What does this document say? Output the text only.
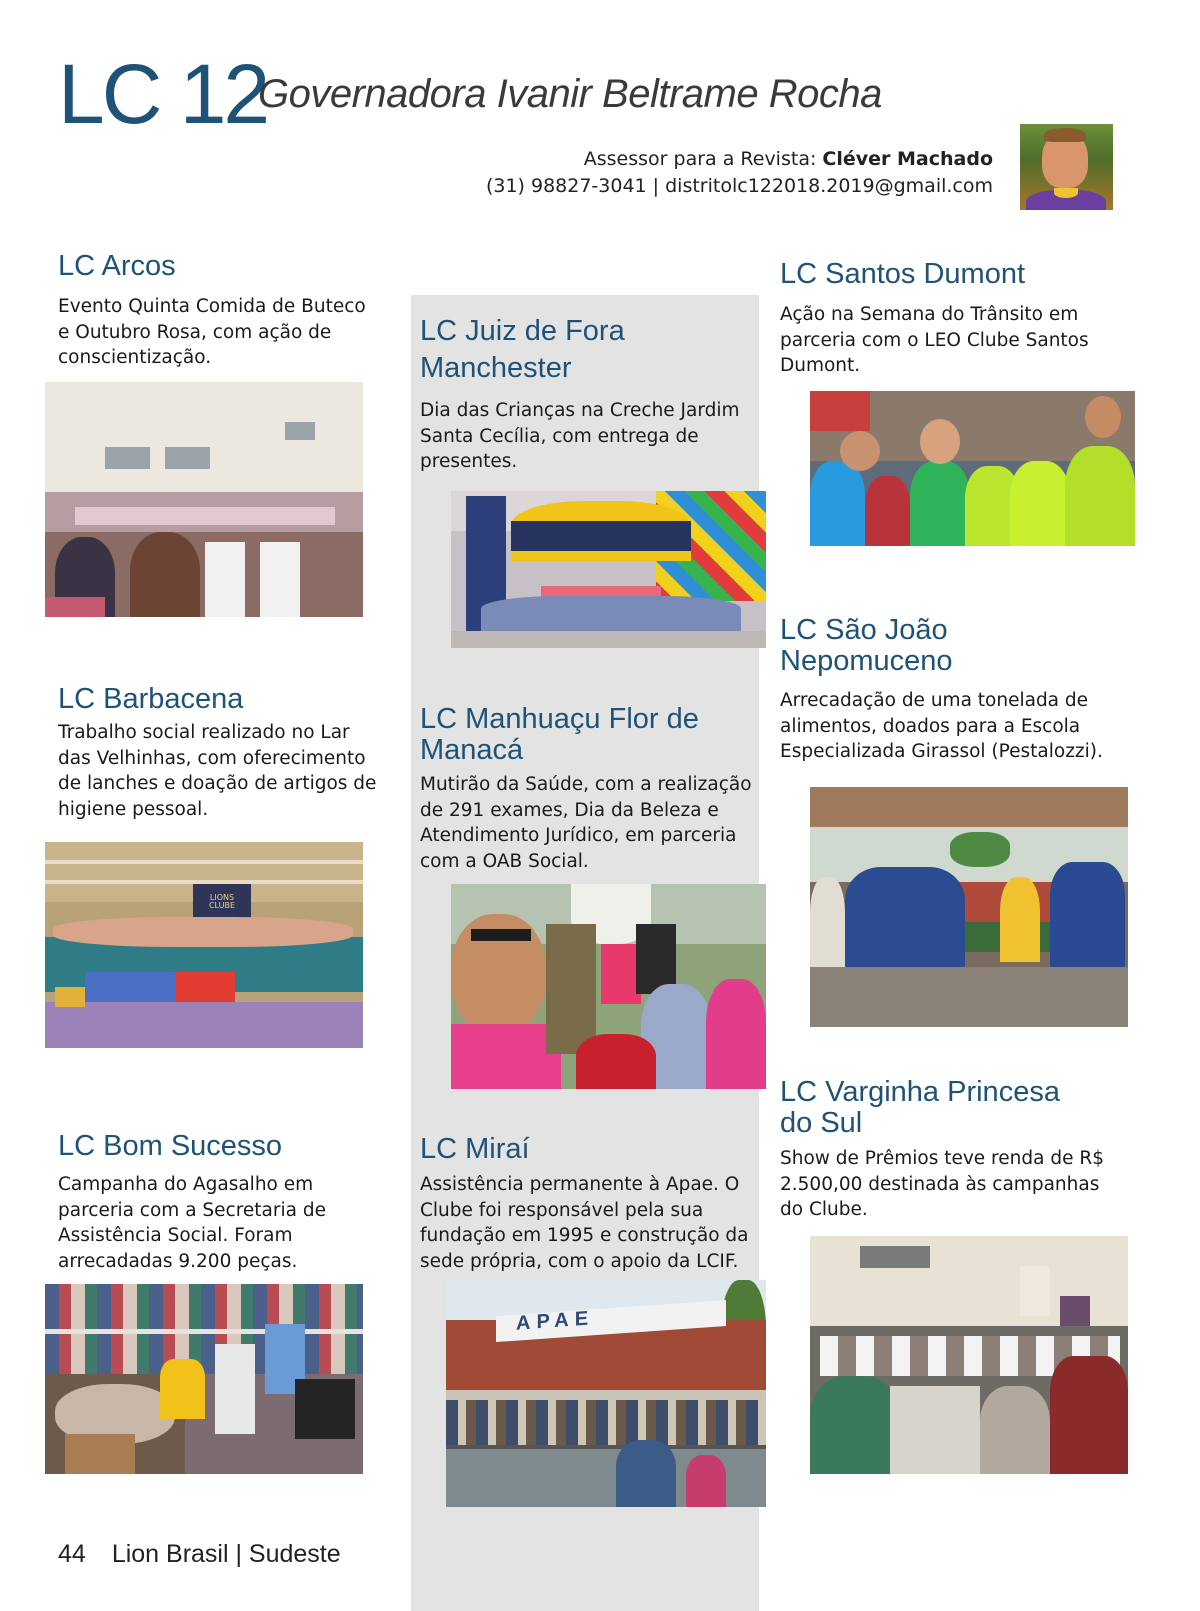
LC 12
Governadora Ivanir Beltrame Rocha
Assessor para a Revista: Cléver Machado
(31) 98827-3041 | distritolc122018.2019@gmail.com
LC Arcos
Evento Quinta Comida de Buteco e Outubro Rosa, com ação de conscientização.
LC Barbacena
Trabalho social realizado no Lar das Velhinhas, com oferecimento de lanches e doação de artigos de higiene pessoal.
LIONS CLUBE
LC Bom Sucesso
Campanha do Agasalho em parceria com a Secretaria de Assistência Social. Foram arrecadadas 9.200 peças.
LC Juiz de Fora Manchester
Dia das Crianças na Creche Jardim Santa Cecília, com entrega de presentes.
LC Manhuaçu Flor de Manacá
Mutirão da Saúde, com a realização de 291 exames, Dia da Beleza e Atendimento Jurídico, em parceria com a OAB Social.
LC Miraí
Assistência permanente à Apae. O Clube foi responsável pela sua fundação em 1995 e construção da sede própria, com o apoio da LCIF.
APAE
LC Santos Dumont
Ação na Semana do Trânsito em parceria com o LEO Clube Santos Dumont.
LC São João Nepomuceno
Arrecadação de uma tonelada de alimentos, doados para a Escola Especializada Girassol (Pestalozzi).
LC Varginha Princesa do Sul
Show de Prêmios teve renda de R$ 2.500,00 destinada às campanhas do Clube.
44 Lion Brasil | Sudeste
